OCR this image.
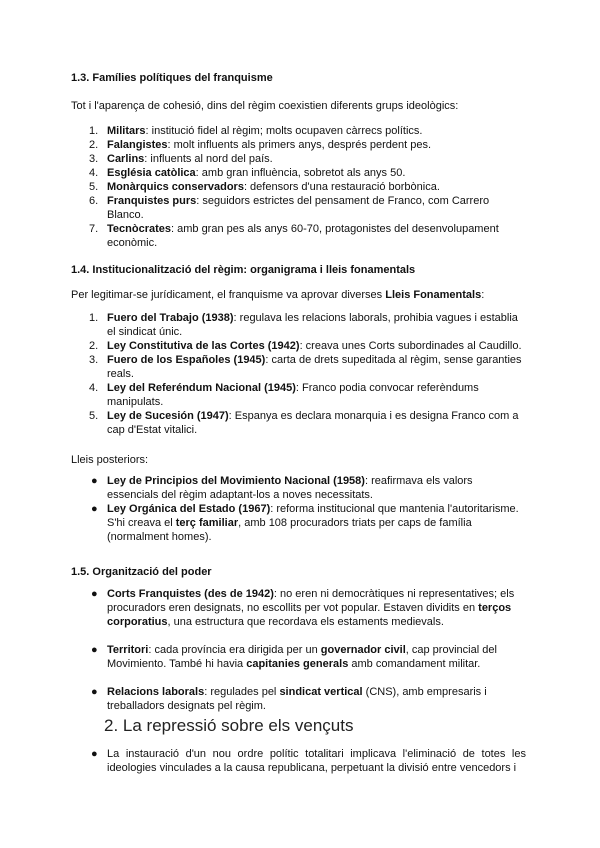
1.3. Famílies polítiques del franquisme
Tot i l'aparença de cohesió, dins del règim coexistien diferents grups ideològics:
1. Militars: institució fidel al règim; molts ocupaven càrrecs polítics.
2. Falangistes: molt influents als primers anys, després perdent pes.
3. Carlins: influents al nord del país.
4. Església catòlica: amb gran influència, sobretot als anys 50.
5. Monàrquics conservadors: defensors d'una restauració borbònica.
6. Franquistes purs: seguidors estrictes del pensament de Franco, com Carrero Blanco.
7. Tecnòcrates: amb gran pes als anys 60-70, protagonistes del desenvolupament econòmic.
1.4. Institucionalització del règim: organigrama i lleis fonamentals
Per legitimar-se jurídicament, el franquisme va aprovar diverses Lleis Fonamentals:
1. Fuero del Trabajo (1938): regulava les relacions laborals, prohibia vagues i establia el sindicat únic.
2. Ley Constitutiva de las Cortes (1942): creava unes Corts subordinades al Caudillo.
3. Fuero de los Españoles (1945): carta de drets supeditada al règim, sense garanties reals.
4. Ley del Referéndum Nacional (1945): Franco podia convocar referèndums manipulats.
5. Ley de Sucesión (1947): Espanya es declara monarquia i es designa Franco com a cap d'Estat vitalici.
Lleis posteriors:
● Ley de Principios del Movimiento Nacional (1958): reafirmava els valors essencials del règim adaptant-los a noves necessitats.
● Ley Orgánica del Estado (1967): reforma institucional que mantenia l'autoritarisme. S'hi creava el terç familiar, amb 108 procuradors triats per caps de família (normalment homes).
1.5. Organització del poder
● Corts Franquistes (des de 1942): no eren ni democràtiques ni representatives; els procuradors eren designats, no escollits per vot popular. Estaven dividits en terços corporatius, una estructura que recordava els estaments medievals.
● Territori: cada província era dirigida per un governador civil, cap provincial del Movimiento. També hi havia capitanies generals amb comandament militar.
● Relacions laborals: regulades pel sindicat vertical (CNS), amb empresaris i treballadors designats pel règim.
2. La repressió sobre els vençuts
● La instauració d'un nou ordre polític totalitari implicava l'eliminació de totes les ideologies vinculades a la causa republicana, perpetuant la divisió entre vencedors i
